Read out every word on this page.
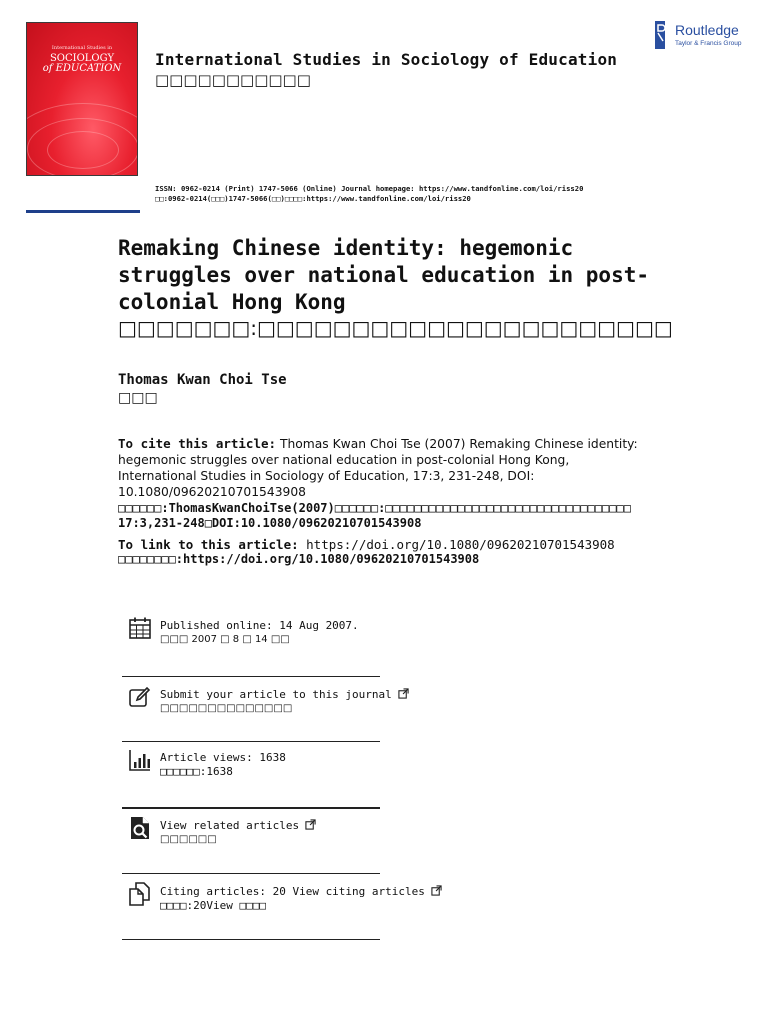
International Studies in
SOCIOLOGY
of EDUCATION	International Studies in Sociology of Education
□□□□□□□□□□□
Routledge
Taylor & Francis Group
ISSN: 0962-0214 (Print) 1747-5066 (Online) Journal homepage: https://www.tandfonline.com/loi/riss20
□□:0962-0214(□□□)1747-5066(□□)□□□□:https://www.tandfonline.com/loi/riss20
Remaking Chinese identity: hegemonic struggles over national education in post-colonial Hong Kong
□□□□□□□:□□□□□□□□□□□□□□□□□□□□□□
Thomas Kwan Choi Tse
□□□
To cite this article: Thomas Kwan Choi Tse (2007) Remaking Chinese identity: hegemonic struggles over national education in post-colonial Hong Kong, International Studies in Sociology of Education, 17:3, 231-248, DOI: 10.1080/09620210701543908
□□□□□□:ThomasKwanChoiTse(2007)□□□□□□:□□□□□□□□□□□□□□□□□□□□□□□□□□□□□□□□□□ 17:3,231-248□DOI:10.1080/09620210701543908
To link to this article: https://doi.org/10.1080/09620210701543908
□□□□□□□□:https://doi.org/10.1080/09620210701543908
Published online: 14 Aug 2007.
□□□ 2007 □ 8 □ 14 □□
Submit your article to this journal
□□□□□□□□□□□□□□
Article views: 1638
□□□□□□:1638
View related articles
□□□□□□
Citing articles: 20 View citing articles
□□□□:20View □□□□
